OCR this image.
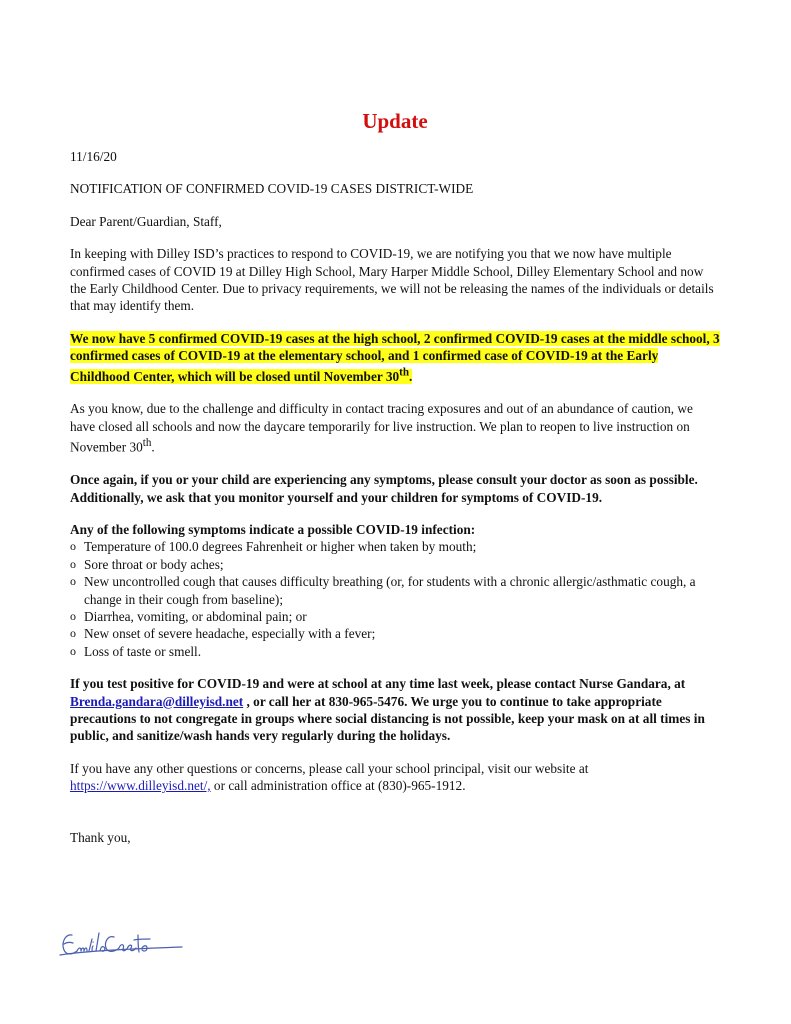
Update

11/16/20

NOTIFICATION OF CONFIRMED COVID-19 CASES DISTRICT-WIDE

Dear Parent/Guardian, Staff,

In keeping with Dilley ISD’s practices to respond to COVID-19, we are notifying you that we now have multiple confirmed cases of COVID 19 at Dilley High School, Mary Harper Middle School, Dilley Elementary School and now the Early Childhood Center. Due to privacy requirements, we will not be releasing the names of the individuals or details that may identify them.

We now have 5 confirmed COVID-19 cases at the high school, 2 confirmed COVID-19 cases at the middle school, 3 confirmed cases of COVID-19 at the elementary school, and 1 confirmed case of COVID-19 at the Early Childhood Center, which will be closed until November 30th.

As you know, due to the challenge and difficulty in contact tracing exposures and out of an abundance of caution, we have closed all schools and now the daycare temporarily for live instruction. We plan to reopen to live instruction on November 30th.

Once again, if you or your child are experiencing any symptoms, please consult your doctor as soon as possible. Additionally, we ask that you monitor yourself and your children for symptoms of COVID-19.

Any of the following symptoms indicate a possible COVID-19 infection:

o Temperature of 100.0 degrees Fahrenheit or higher when taken by mouth;
o Sore throat or body aches;
o New uncontrolled cough that causes difficulty breathing (or, for students with a chronic allergic/asthmatic cough, a change in their cough from baseline);
o Diarrhea, vomiting, or abdominal pain; or
o New onset of severe headache, especially with a fever;
o Loss of taste or smell.

If you test positive for COVID-19 and were at school at any time last week, please contact Nurse Gandara, at Brenda.gandara@dilleyisd.net , or call her at 830-965-5476. We urge you to continue to take appropriate precautions to not congregate in groups where social distancing is not possible, keep your mask on at all times in public, and sanitize/wash hands very regularly during the holidays.

If you have any other questions or concerns, please call your school principal, visit our website at https://www.dilleyisd.net/, or call administration office at (830)-965-1912.

Thank you,
